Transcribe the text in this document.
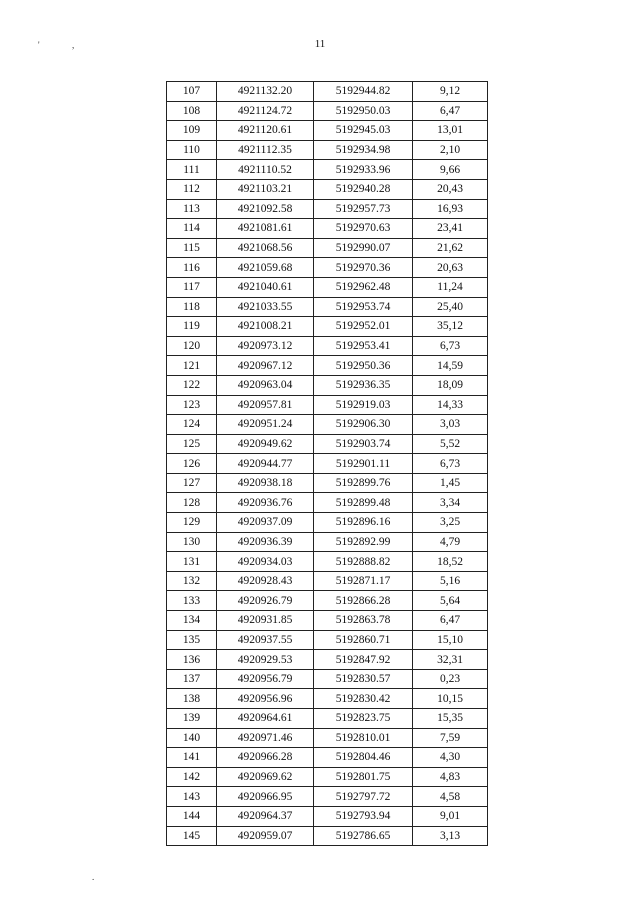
11
'	,
.
107	4921132.20	5192944.82	9,12
108	4921124.72	5192950.03	6,47
109	4921120.61	5192945.03	13,01
110	4921112.35	5192934.98	2,10
111	4921110.52	5192933.96	9,66
112	4921103.21	5192940.28	20,43
113	4921092.58	5192957.73	16,93
114	4921081.61	5192970.63	23,41
115	4921068.56	5192990.07	21,62
116	4921059.68	5192970.36	20,63
117	4921040.61	5192962.48	11,24
118	4921033.55	5192953.74	25,40
119	4921008.21	5192952.01	35,12
120	4920973.12	5192953.41	6,73
121	4920967.12	5192950.36	14,59
122	4920963.04	5192936.35	18,09
123	4920957.81	5192919.03	14,33
124	4920951.24	5192906.30	3,03
125	4920949.62	5192903.74	5,52
126	4920944.77	5192901.11	6,73
127	4920938.18	5192899.76	1,45
128	4920936.76	5192899.48	3,34
129	4920937.09	5192896.16	3,25
130	4920936.39	5192892.99	4,79
131	4920934.03	5192888.82	18,52
132	4920928.43	5192871.17	5,16
133	4920926.79	5192866.28	5,64
134	4920931.85	5192863.78	6,47
135	4920937.55	5192860.71	15,10
136	4920929.53	5192847.92	32,31
137	4920956.79	5192830.57	0,23
138	4920956.96	5192830.42	10,15
139	4920964.61	5192823.75	15,35
140	4920971.46	5192810.01	7,59
141	4920966.28	5192804.46	4,30
142	4920969.62	5192801.75	4,83
143	4920966.95	5192797.72	4,58
144	4920964.37	5192793.94	9,01
145	4920959.07	5192786.65	3,13
